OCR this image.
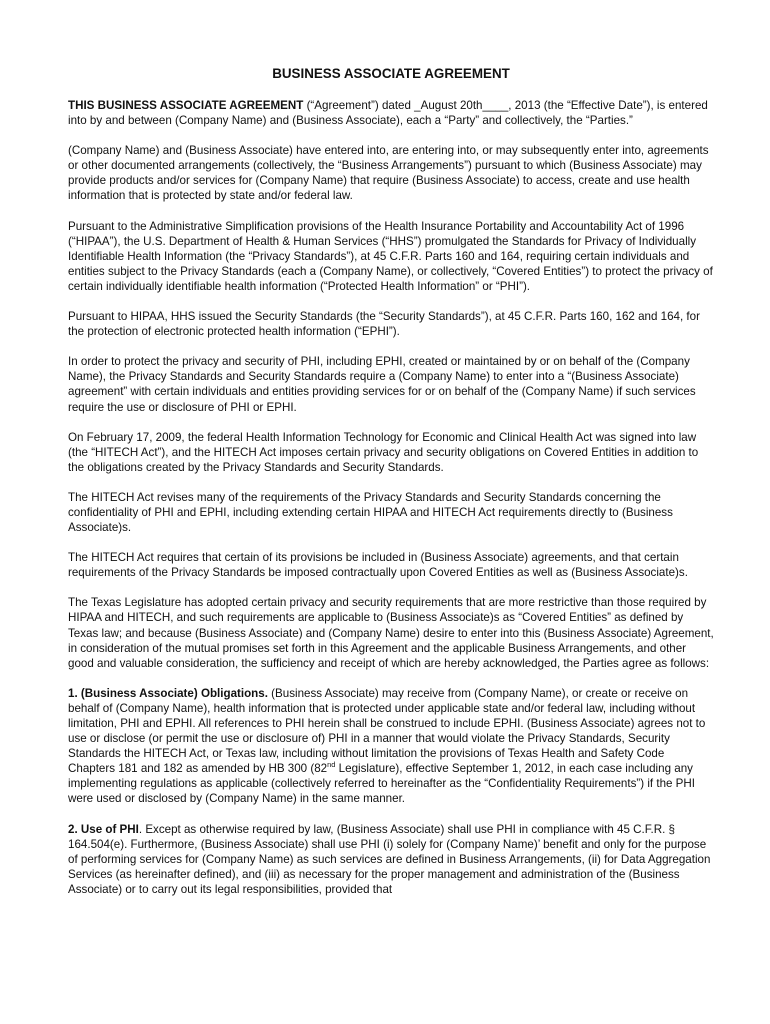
BUSINESS ASSOCIATE AGREEMENT

THIS BUSINESS ASSOCIATE AGREEMENT (“Agreement”) dated _August 20th____, 2013 (the “Effective Date”), is entered into by and between (Company Name) and (Business Associate), each a “Party” and collectively, the “Parties.”

(Company Name) and (Business Associate) have entered into, are entering into, or may subsequently enter into, agreements or other documented arrangements (collectively, the “Business Arrangements”) pursuant to which (Business Associate) may provide products and/or services for (Company Name) that require (Business Associate) to access, create and use health information that is protected by state and/or federal law.

Pursuant to the Administrative Simplification provisions of the Health Insurance Portability and Accountability Act of 1996 (“HIPAA”), the U.S. Department of Health & Human Services (“HHS”) promulgated the Standards for Privacy of Individually Identifiable Health Information (the “Privacy Standards”), at 45 C.F.R. Parts 160 and 164, requiring certain individuals and entities subject to the Privacy Standards (each a (Company Name), or collectively, “Covered Entities”) to protect the privacy of certain individually identifiable health information (“Protected Health Information” or “PHI”).

Pursuant to HIPAA, HHS issued the Security Standards (the “Security Standards”), at 45 C.F.R. Parts 160, 162 and 164, for the protection of electronic protected health information (“EPHI”).

In order to protect the privacy and security of PHI, including EPHI, created or maintained by or on behalf of the (Company Name), the Privacy Standards and Security Standards require a (Company Name) to enter into a “(Business Associate) agreement” with certain individuals and entities providing services for or on behalf of the (Company Name) if such services require the use or disclosure of PHI or EPHI.

On February 17, 2009, the federal Health Information Technology for Economic and Clinical Health Act was signed into law (the “HITECH Act”), and the HITECH Act imposes certain privacy and security obligations on Covered Entities in addition to the obligations created by the Privacy Standards and Security Standards.

The HITECH Act revises many of the requirements of the Privacy Standards and Security Standards concerning the confidentiality of PHI and EPHI, including extending certain HIPAA and HITECH Act requirements directly to (Business Associate)s.

The HITECH Act requires that certain of its provisions be included in (Business Associate) agreements, and that certain requirements of the Privacy Standards be imposed contractually upon Covered Entities as well as (Business Associate)s.

The Texas Legislature has adopted certain privacy and security requirements that are more restrictive than those required by HIPAA and HITECH, and such requirements are applicable to (Business Associate)s as “Covered Entities” as defined by Texas law; and because (Business Associate) and (Company Name) desire to enter into this (Business Associate) Agreement, in consideration of the mutual promises set forth in this Agreement and the applicable Business Arrangements, and other good and valuable consideration, the sufficiency and receipt of which are hereby acknowledged, the Parties agree as follows:

1. (Business Associate) Obligations. (Business Associate) may receive from (Company Name), or create or receive on behalf of (Company Name), health information that is protected under applicable state and/or federal law, including without limitation, PHI and EPHI. All references to PHI herein shall be construed to include EPHI. (Business Associate) agrees not to use or disclose (or permit the use or disclosure of) PHI in a manner that would violate the Privacy Standards, Security Standards the HITECH Act, or Texas law, including without limitation the provisions of Texas Health and Safety Code Chapters 181 and 182 as amended by HB 300 (82nd Legislature), effective September 1, 2012, in each case including any implementing regulations as applicable (collectively referred to hereinafter as the “Confidentiality Requirements”) if the PHI were used or disclosed by (Company Name) in the same manner.

2. Use of PHI. Except as otherwise required by law, (Business Associate) shall use PHI in compliance with 45 C.F.R. § 164.504(e). Furthermore, (Business Associate) shall use PHI (i) solely for (Company Name)’ benefit and only for the purpose of performing services for (Company Name) as such services are defined in Business Arrangements, (ii) for Data Aggregation Services (as hereinafter defined), and (iii) as necessary for the proper management and administration of the (Business Associate) or to carry out its legal responsibilities, provided that
